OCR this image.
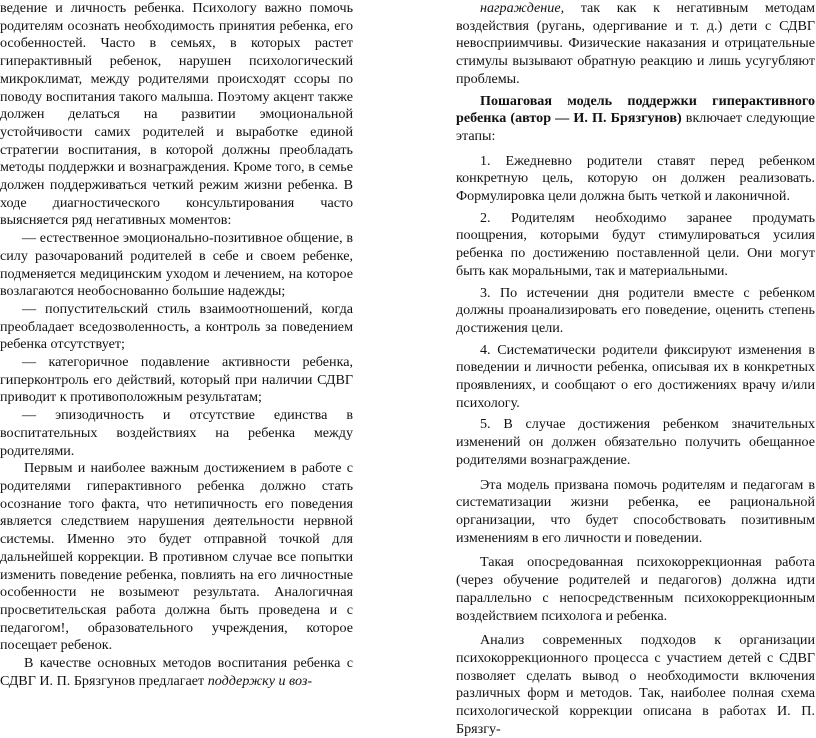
ведение и личность ребенка. Психологу важно помочь родителям осознать необходимость принятия ребенка, его особенностей. Часто в семьях, в которых растет гиперактивный ребенок, нарушен психологический микроклимат, между родителями происходят ссоры по поводу воспитания такого малыша. Поэтому акцент также должен делаться на развитии эмоциональной устойчивости самих родителей и выработке единой стратегии воспитания, в которой должны преобладать методы поддержки и вознаграждения. Кроме того, в семье должен поддерживаться четкий режим жизни ребенка. В ходе диагностического консультирования часто выясняется ряд негативных моментов:

— естественное эмоционально-позитивное общение, в силу разочарований родителей в себе и своем ребенке, подменяется медицинским уходом и лечением, на которое возлагаются необоснованно большие надежды;

— попустительский стиль взаимоотношений, когда преобладает вседозволенность, а контроль за поведением ребенка отсутствует;

— категоричное подавление активности ребенка, гиперконтроль его действий, который при наличии СДВГ приводит к противоположным результатам;

— эпизодичность и отсутствие единства в воспитательных воздействиях на ребенка между родителями.

Первым и наиболее важным достижением в работе с родителями гиперактивного ребенка должно стать осознание того факта, что нетипичность его поведения является следствием нарушения деятельности нервной системы. Именно это будет отправной точкой для дальнейшей коррекции. В противном случае все попытки изменить поведение ребенка, повлиять на его личностные особенности не возымеют результата. Аналогичная просветительская работа должна быть проведена и с педагогом!, образовательного учреждения, которое посещает ребенок.

В качестве основных методов воспитания ребенка с СДВГ И. П. Брязгунов предлагает поддержку и воз-

награждение, так как к негативным методам воздействия (ругань, одергивание и т. д.) дети с СДВГ невосприимчивы. Физические наказания и отрицательные стимулы вызывают обратную реакцию и лишь усугубляют проблемы.

Пошаговая модель поддержки гиперактивного ребенка (автор — И. П. Брязгунов) включает следующие этапы:

1. Ежедневно родители ставят перед ребенком конкретную цель, которую он должен реализовать. Формулировка цели должна быть четкой и лаконичной.

2. Родителям необходимо заранее продумать поощрения, которыми будут стимулироваться усилия ребенка по достижению поставленной цели. Они могут быть как моральными, так и материальными.

3. По истечении дня родители вместе с ребенком должны проанализировать его поведение, оценить степень достижения цели.

4. Систематически родители фиксируют изменения в поведении и личности ребенка, описывая их в конкретных проявлениях, и сообщают о его достижениях врачу и/или психологу.

5. В случае достижения ребенком значительных изменений он должен обязательно получить обещанное родителями вознаграждение.

Эта модель призвана помочь родителям и педагогам в систематизации жизни ребенка, ее рациональной организации, что будет способствовать позитивным изменениям в его личности и поведении.

Такая опосредованная психокоррекционная работа (через обучение родителей и педагогов) должна идти параллельно с непосредственным психокоррекционным воздействием психолога и ребенка.

Анализ современных подходов к организации психокоррекционного процесса с участием детей с СДВГ позволяет сделать вывод о необходимости включения различных форм и методов. Так, наиболее полная схема психологической коррекции описана в работах И. П. Брязгу-
